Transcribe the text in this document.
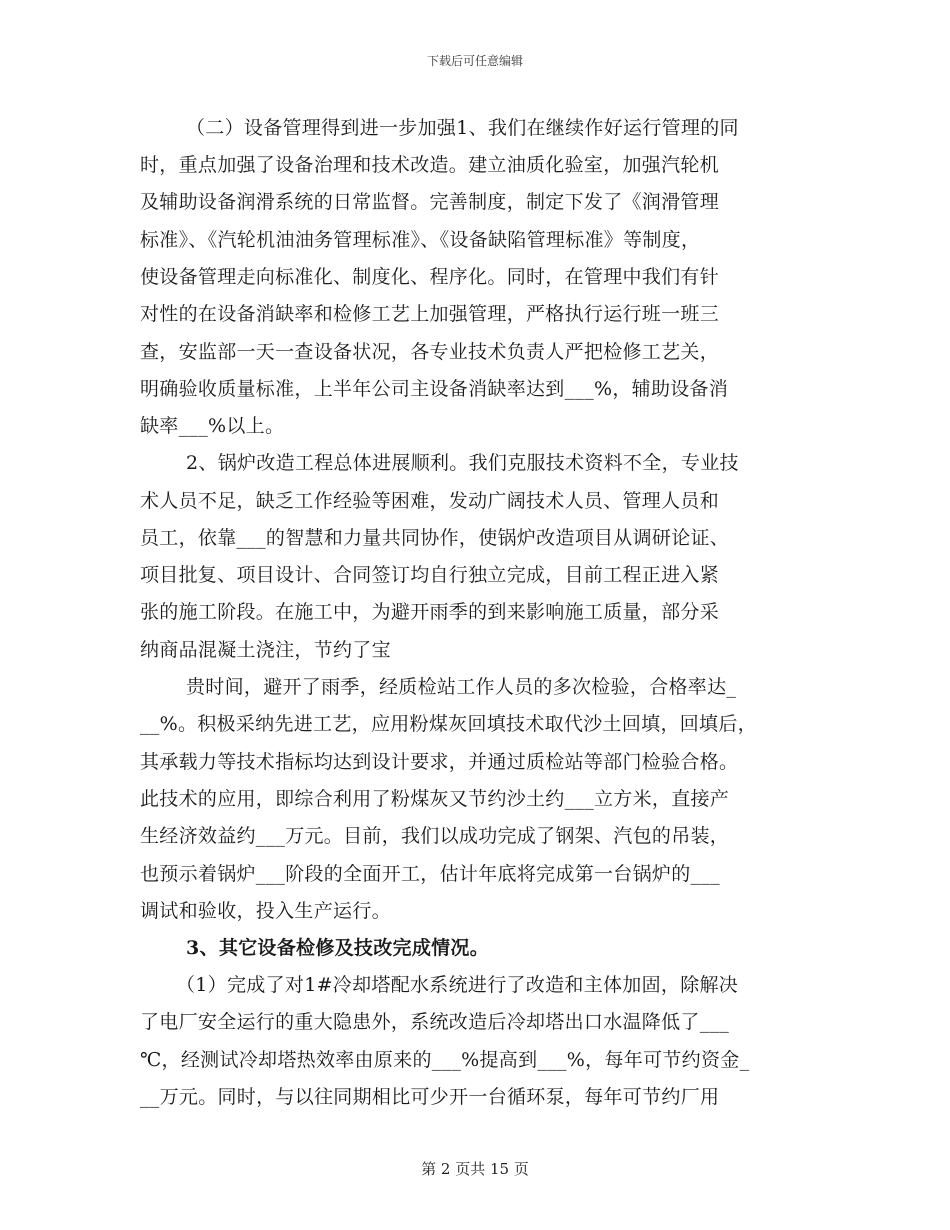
下载后可任意编辑
（二）设备管理得到进一步加强1、我们在继续作好运行管理的同
时，重点加强了设备治理和技术改造。建立油质化验室，加强汽轮机
及辅助设备润滑系统的日常监督。完善制度，制定下发了《润滑管理
标准》、《汽轮机油油务管理标准》、《设备缺陷管理标准》等制度，
使设备管理走向标准化、制度化、程序化。同时，在管理中我们有针
对性的在设备消缺率和检修工艺上加强管理，严格执行运行班一班三
查，安监部一天一查设备状况，各专业技术负责人严把检修工艺关，
明确验收质量标准，上半年公司主设备消缺率达到___%，辅助设备消
缺率___%以上。
2、锅炉改造工程总体进展顺利。我们克服技术资料不全，专业技
术人员不足，缺乏工作经验等困难，发动广阔技术人员、管理人员和
员工，依靠___的智慧和力量共同协作，使锅炉改造项目从调研论证、
项目批复、项目设计、合同签订均自行独立完成，目前工程正进入紧
张的施工阶段。在施工中，为避开雨季的到来影响施工质量，部分采
纳商品混凝土浇注，节约了宝
贵时间，避开了雨季，经质检站工作人员的多次检验，合格率达_
__%。积极采纳先进工艺，应用粉煤灰回填技术取代沙土回填，回填后，
其承载力等技术指标均达到设计要求，并通过质检站等部门检验合格。
此技术的应用，即综合利用了粉煤灰又节约沙土约___立方米，直接产
生经济效益约___万元。目前，我们以成功完成了钢架、汽包的吊装，
也预示着锅炉___阶段的全面开工，估计年底将完成第一台锅炉的___
调试和验收，投入生产运行。
3、其它设备检修及技改完成情况。
（1）完成了对1#冷却塔配水系统进行了改造和主体加固，除解决
了电厂安全运行的重大隐患外，系统改造后冷却塔出口水温降低了___
℃，经测试冷却塔热效率由原来的___%提高到___%，每年可节约资金_
__万元。同时，与以往同期相比可少开一台循环泵，每年可节约厂用
第 2 页共 15 页
